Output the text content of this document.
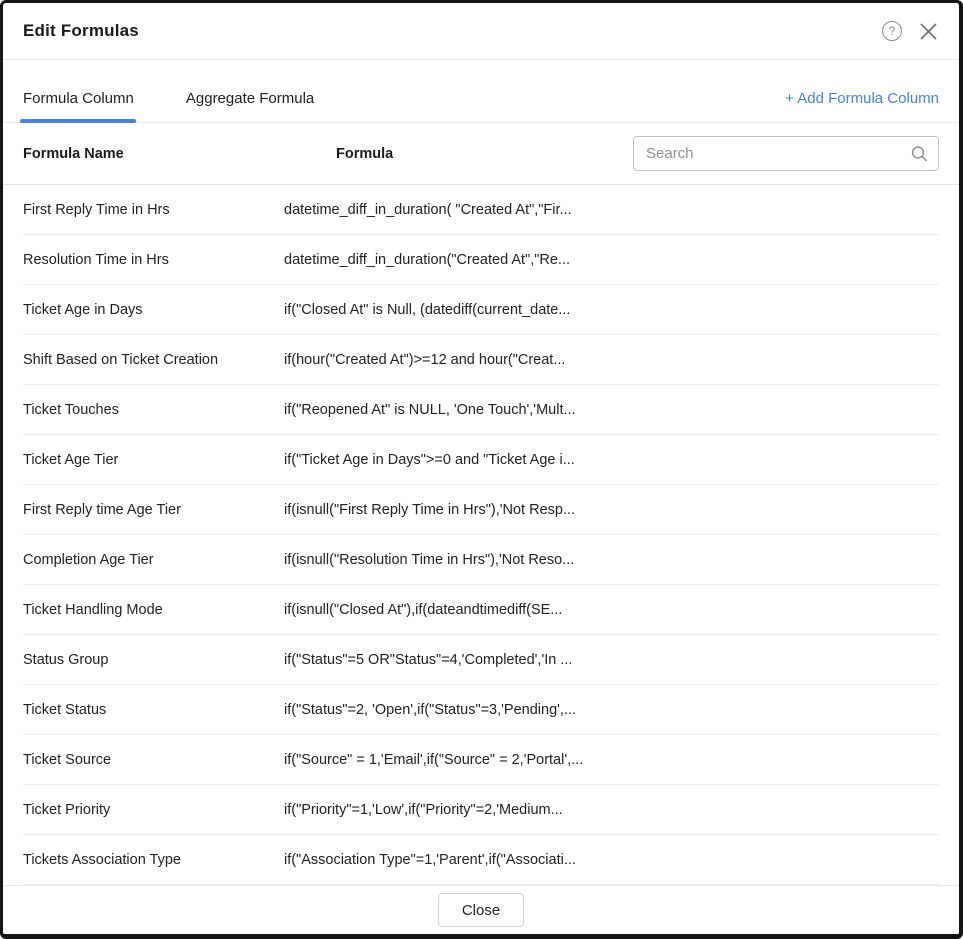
Edit Formulas	?
Formula Column	Aggregate Formula	+ Add Formula Column
Formula Name	Formula
Search
First Reply Time in Hrs	datetime_diff_in_duration( "Created At","Fir...
Resolution Time in Hrs	datetime_diff_in_duration("Created At","Re...
Ticket Age in Days	if("Closed At" is Null, (datediff(current_date...
Shift Based on Ticket Creation	if(hour("Created At")>=12 and hour("Creat...
Ticket Touches	if("Reopened At" is NULL, 'One Touch','Mult...
Ticket Age Tier	if("Ticket Age in Days">=0 and "Ticket Age i...
First Reply time Age Tier	if(isnull("First Reply Time in Hrs"),'Not Resp...
Completion Age Tier	if(isnull("Resolution Time in Hrs"),'Not Reso...
Ticket Handling Mode	if(isnull("Closed At"),if(dateandtimediff(SE...
Status Group	if("Status"=5 OR"Status"=4,'Completed','In ...
Ticket Status	if("Status"=2, 'Open',if("Status"=3,'Pending',...
Ticket Source	if("Source" = 1,'Email',if("Source" = 2,'Portal',...
Ticket Priority	if("Priority"=1,'Low',if("Priority"=2,'Medium...
Tickets Association Type	if("Association Type"=1,'Parent',if("Associati...
Close
